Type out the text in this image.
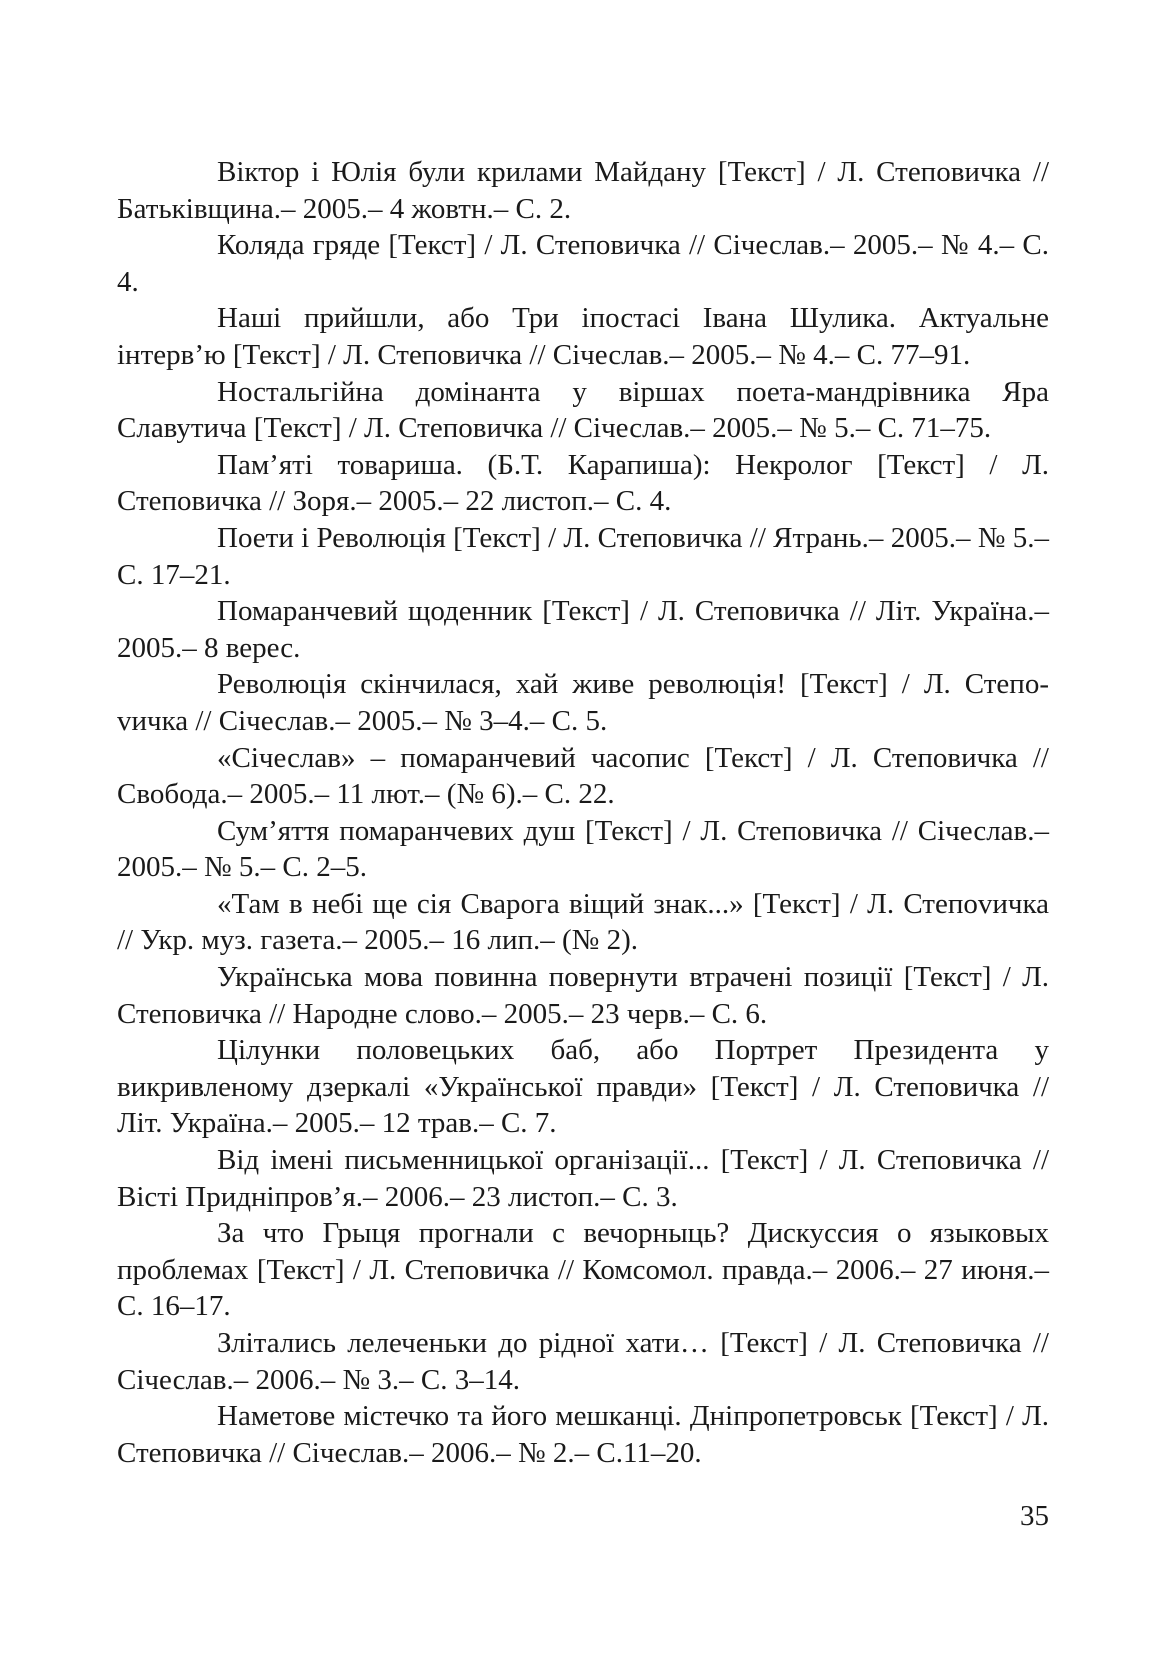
Віктор і Юлія були крилами Майдану [Текст] / Л. Степовичка // Батьківщина.– 2005.– 4 жовтн.– С. 2.

Коляда гряде [Текст] / Л. Степовичка // Січеслав.– 2005.– № 4.– С. 4.

Наші прийшли, або Три іпостасі Івана Шулика. Актуальне інтерв’ю [Текст] / Л. Степовичка // Січеслав.– 2005.– № 4.– С. 77–91.

Ностальгійна домінанта у віршах поета-мандрівника Яра Славутича [Текст] / Л. Степовичка // Січеслав.– 2005.– № 5.– С. 71–75.

Пам’яті товариша. (Б.Т. Карапиша): Некролог [Текст] / Л. Степовичка // Зоря.– 2005.– 22 листоп.– С. 4.

Поети і Революція [Текст] / Л. Степовичка // Ятрань.– 2005.– № 5.– С. 17–21.

Помаранчевий щоденник [Текст] / Л. Степовичка // Літ. Україна.– 2005.– 8 верес.

Революція скінчилася, хай живе революція! [Текст] / Л. Степоvичка // Січеслав.– 2005.– № 3–4.– С. 5.

«Січеслав» – помаранчевий часопис [Текст] / Л. Степовичка // Свобода.– 2005.– 11 лют.– (№ 6).– С. 22.

Сум’яття помаранчевих душ [Текст] / Л. Степовичка // Січеслав.– 2005.– № 5.– С. 2–5.

«Там в небі ще сія Сварога віщий знак...» [Текст] / Л. Степоvичка // Укр. муз. газета.– 2005.– 16 лип.– (№ 2).

Українська мова повинна повернути втрачені позиції [Текст] / Л. Степовичка // Народне слово.– 2005.– 23 черв.– С. 6.

Цілунки половецьких баб, або Портрет Президента у викривленому дзеркалі «Української правди» [Текст] / Л. Степовичка // Літ. Україна.– 2005.– 12 трав.– С. 7.

Від імені письменницької організації... [Текст] / Л. Степовичка // Вісті Придніпров’я.– 2006.– 23 листоп.– С. 3.

За что Грыця прогнали с вечорныць? Дискуссия о языковых проблемах [Текст] / Л. Степовичка // Комсомол. правда.– 2006.– 27 июня.– С. 16–17.

Злітались лелеченьки до рідної хати… [Текст] / Л. Степовичка // Січеслав.– 2006.– № 3.– С. 3–14.

Наметове містечко та його мешканці. Дніпропетровськ [Текст] / Л. Степовичка // Січеслав.– 2006.– № 2.– С.11–20.

35
